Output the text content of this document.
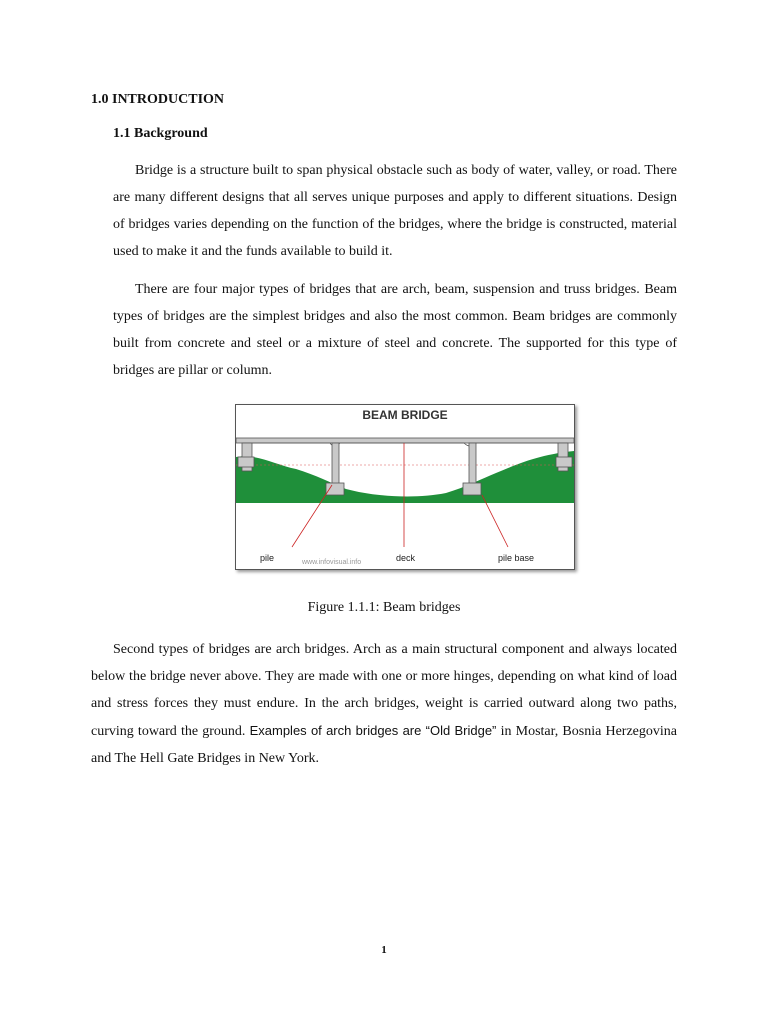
1.0 INTRODUCTION
1.1 Background

Bridge is a structure built to span physical obstacle such as body of water, valley, or road. There are many different designs that all serves unique purposes and apply to different situations. Design of bridges varies depending on the function of the bridges, where the bridge is constructed, material used to make it and the funds available to build it.

There are four major types of bridges that are arch, beam, suspension and truss bridges. Beam types of bridges are the simplest bridges and also the most common. Beam bridges are commonly built from concrete and steel or a mixture of steel and concrete. The supported for this type of bridges are pillar or column.

BEAM BRIDGE
pile	deck	pile base
www.infovisual.info
Figure 1.1.1: Beam bridges

Second types of bridges are arch bridges. Arch as a main structural component and always located below the bridge never above. They are made with one or more hinges, depending on what kind of load and stress forces they must endure. In the arch bridges, weight is carried outward along two paths, curving toward the ground. Examples of arch bridges are “Old Bridge” in Mostar, Bosnia Herzegovina and The Hell Gate Bridges in New York.

1
